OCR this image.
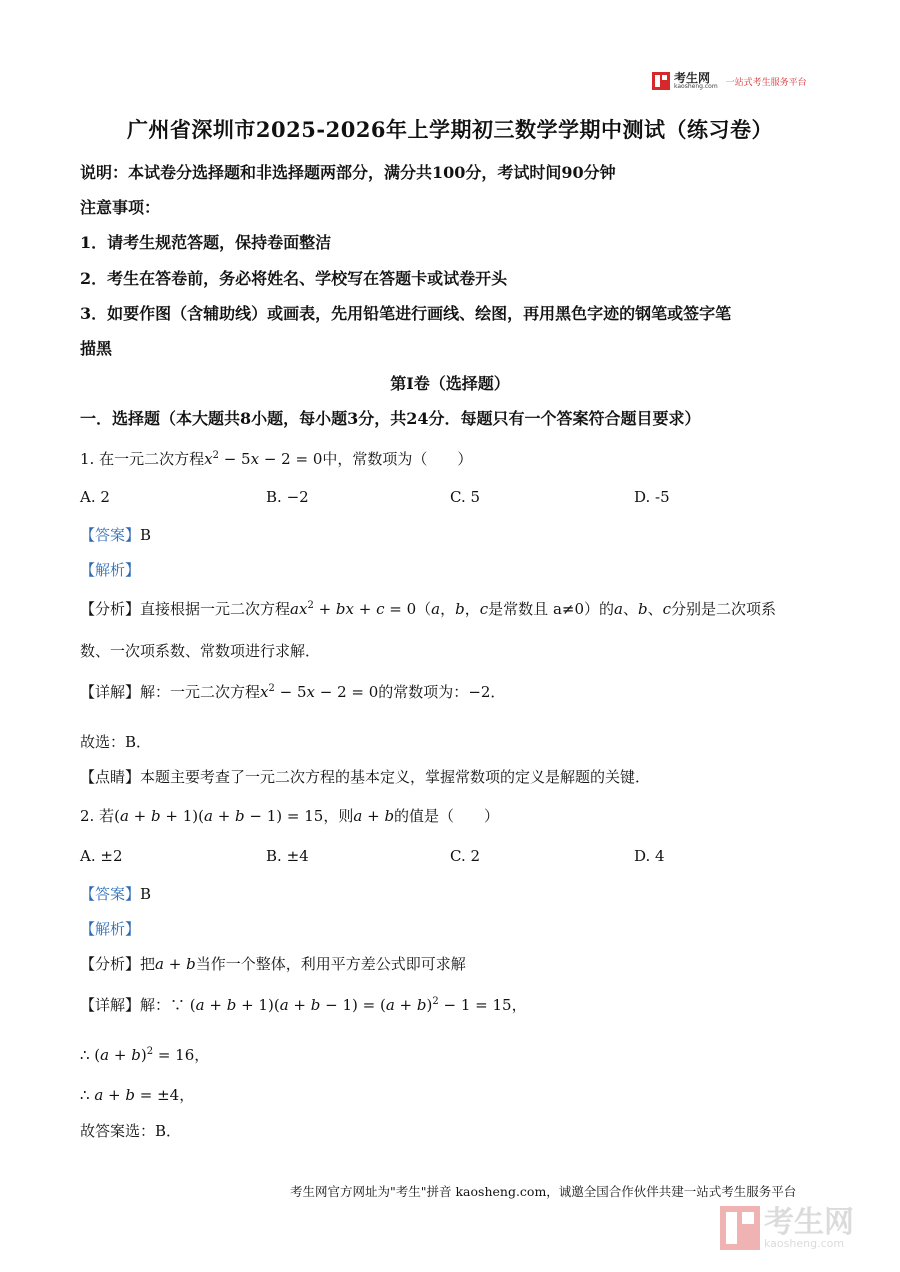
考生网
kaosheng.com 一站式考生服务平台
广州省深圳市2025-2026年上学期初三数学学期中测试（练习卷）
说明：本试卷分选择题和非选择题两部分，满分共100分，考试时间90分钟
注意事项：
1．请考生规范答题，保持卷面整洁
2．考生在答卷前，务必将姓名、学校写在答题卡或试卷开头
3．如要作图（含辅助线）或画表，先用铅笔进行画线、绘图，再用黑色字迹的钢笔或签字笔
描黑
第I卷（选择题）
一．选择题（本大题共8小题，每小题3分，共24分．每题只有一个答案符合题目要求）
1. 在一元二次方程$x^2 - 5x - 2 = 0$中，常数项为（　　）
A. 2	B. −2	C. 5	D. -5
【答案】B
【解析】
【分析】直接根据一元二次方程$ax^2$ + bx + c = 0（a，b，c是常数且 a≠0）的a、b、c分别是二次项系
数、一次项系数、常数项进行求解．
【详解】解：一元二次方程$x^2 - 5x - 2 = 0$的常数项为：−2．
故选：B．
【点睛】本题主要考查了一元二次方程的基本定义，掌握常数项的定义是解题的关键．
2. 若(a + b + 1)(a + b − 1) = 15，则a + b的值是（　　）
A. ±2	B. ±4	C. 2	D. 4
【答案】B
【解析】
【分析】把a + b当作一个整体，利用平方差公式即可求解
【详解】解：∵ $(a + b + 1)(a + b - 1) = (a + b)^2 - 1 = 15$，
∴ $(a + b)^2 = 16$，
∴ a + b = ±4，
故答案选：B．
考生网官方网址为"考生"拼音 kaosheng.com，诚邀全国合作伙伴共建一站式考生服务平台
考生网
kaosheng.com
